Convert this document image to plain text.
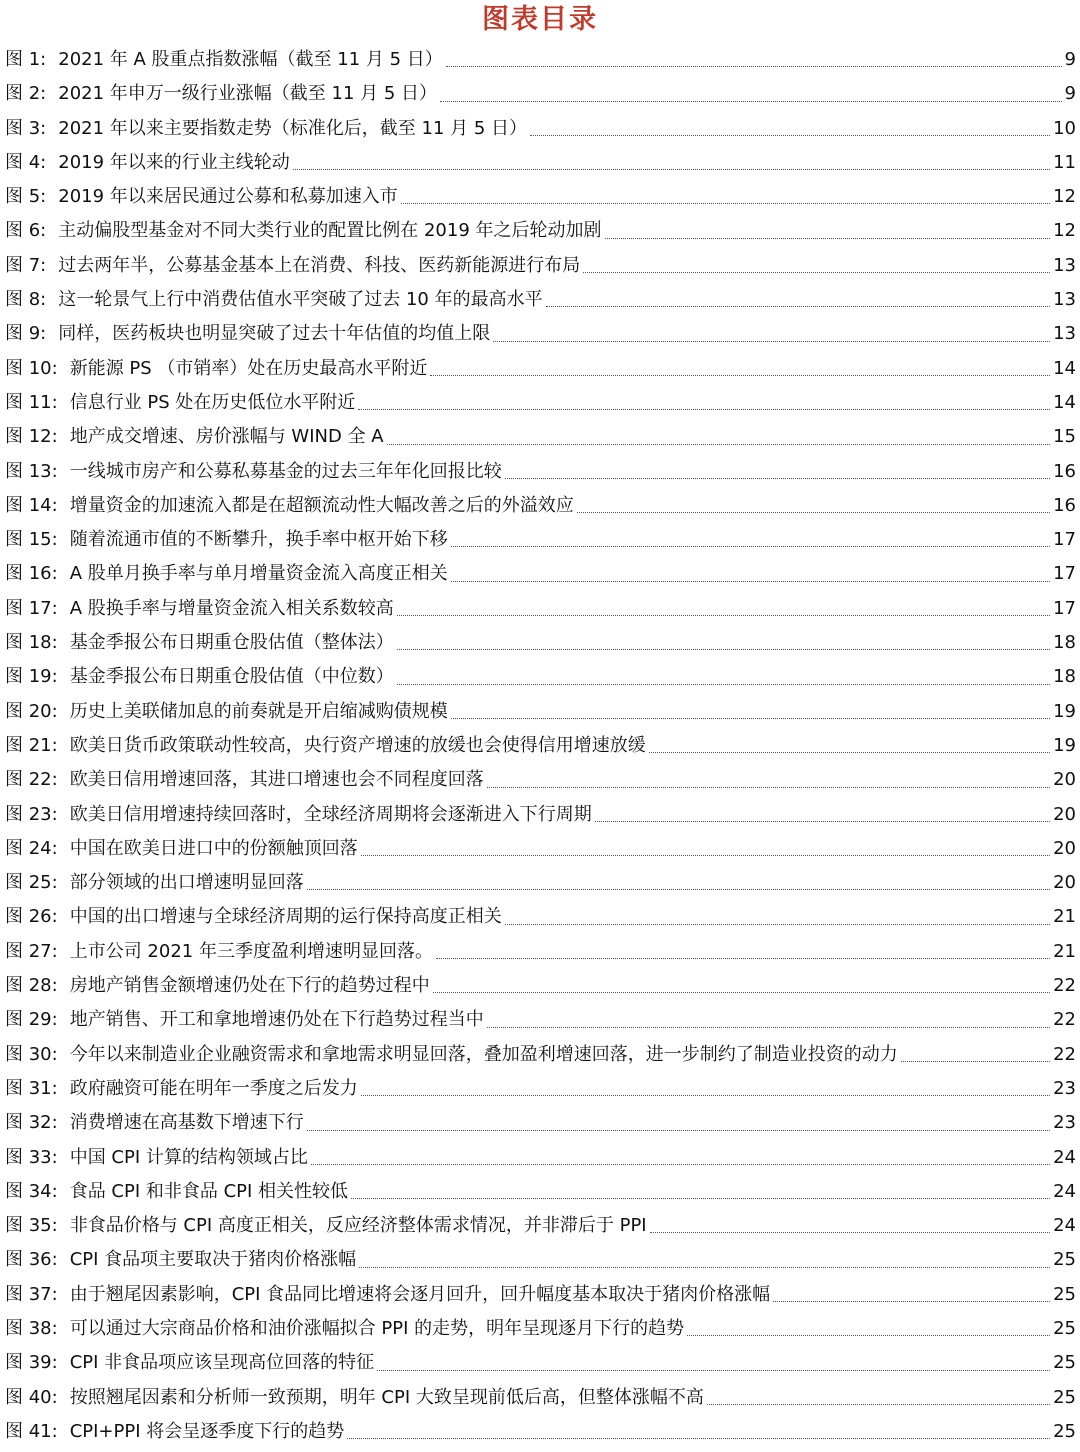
图表目录
图 1: 2021 年 A 股重点指数涨幅（截至 11 月 5 日）	9
图 2: 2021 年申万一级行业涨幅（截至 11 月 5 日）	9
图 3: 2021 年以来主要指数走势（标准化后，截至 11 月 5 日）	10
图 4: 2019 年以来的行业主线轮动	11
图 5: 2019 年以来居民通过公募和私募加速入市	12
图 6: 主动偏股型基金对不同大类行业的配置比例在 2019 年之后轮动加剧	12
图 7: 过去两年半，公募基金基本上在消费、科技、医药新能源进行布局	13
图 8: 这一轮景气上行中消费估值水平突破了过去 10 年的最高水平	13
图 9: 同样，医药板块也明显突破了过去十年估值的均值上限	13
图 10: 新能源 PS （市销率）处在历史最高水平附近	14
图 11: 信息行业 PS 处在历史低位水平附近	14
图 12: 地产成交增速、房价涨幅与 WIND 全 A	15
图 13: 一线城市房产和公募私募基金的过去三年年化回报比较	16
图 14: 增量资金的加速流入都是在超额流动性大幅改善之后的外溢效应	16
图 15: 随着流通市值的不断攀升，换手率中枢开始下移	17
图 16: A 股单月换手率与单月增量资金流入高度正相关	17
图 17: A 股换手率与增量资金流入相关系数较高	17
图 18: 基金季报公布日期重仓股估值（整体法）	18
图 19: 基金季报公布日期重仓股估值（中位数）	18
图 20: 历史上美联储加息的前奏就是开启缩减购债规模	19
图 21: 欧美日货币政策联动性较高，央行资产增速的放缓也会使得信用增速放缓	19
图 22: 欧美日信用增速回落，其进口增速也会不同程度回落	20
图 23: 欧美日信用增速持续回落时，全球经济周期将会逐渐进入下行周期	20
图 24: 中国在欧美日进口中的份额触顶回落	20
图 25: 部分领域的出口增速明显回落	20
图 26: 中国的出口增速与全球经济周期的运行保持高度正相关	21
图 27: 上市公司 2021 年三季度盈利增速明显回落。	21
图 28: 房地产销售金额增速仍处在下行的趋势过程中	22
图 29: 地产销售、开工和拿地增速仍处在下行趋势过程当中	22
图 30: 今年以来制造业企业融资需求和拿地需求明显回落，叠加盈利增速回落，进一步制约了制造业投资的动力	22
图 31: 政府融资可能在明年一季度之后发力	23
图 32: 消费增速在高基数下增速下行	23
图 33: 中国 CPI 计算的结构领域占比	24
图 34: 食品 CPI 和非食品 CPI 相关性较低	24
图 35: 非食品价格与 CPI 高度正相关，反应经济整体需求情况，并非滞后于 PPI	24
图 36: CPI 食品项主要取决于猪肉价格涨幅	25
图 37: 由于翘尾因素影响，CPI 食品同比增速将会逐月回升，回升幅度基本取决于猪肉价格涨幅	25
图 38: 可以通过大宗商品价格和油价涨幅拟合 PPI 的走势，明年呈现逐月下行的趋势	25
图 39: CPI 非食品项应该呈现高位回落的特征	25
图 40: 按照翘尾因素和分析师一致预期，明年 CPI 大致呈现前低后高，但整体涨幅不高	25
图 41: CPI+PPI 将会呈逐季度下行的趋势	25
